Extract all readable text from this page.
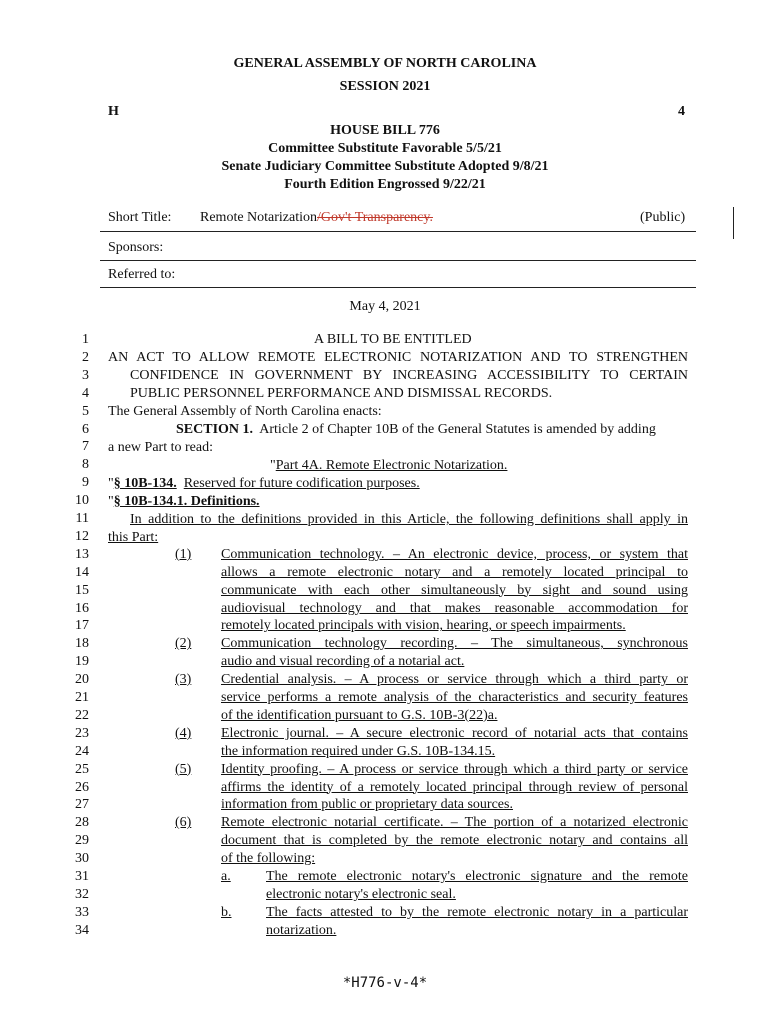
GENERAL ASSEMBLY OF NORTH CAROLINA
SESSION 2021
H	4
HOUSE BILL 776
Committee Substitute Favorable 5/5/21
Senate Judiciary Committee Substitute Adopted 9/8/21
Fourth Edition Engrossed 9/22/21
Short Title: Remote Notarization/Gov't Transparency.	(Public)
Sponsors:
Referred to:
May 4, 2021
1
2
3
4
5
6
7
8
9
10
11
12
13
14
15
16
17
18
19
20
21
22
23
24
25
26
27
28
29
30
31
32
33
34
A BILL TO BE ENTITLED
AN ACT TO ALLOW REMOTE ELECTRONIC NOTARIZATION AND TO STRENGTHEN
CONFIDENCE IN GOVERNMENT BY INCREASING ACCESSIBILITY TO CERTAIN
PUBLIC PERSONNEL PERFORMANCE AND DISMISSAL RECORDS.
The General Assembly of North Carolina enacts:
SECTION 1. Article 2 of Chapter 10B of the General Statutes is amended by adding
a new Part to read:
"Part 4A. Remote Electronic Notarization.
"§ 10B-134. Reserved for future codification purposes.
"§ 10B-134.1. Definitions.
In addition to the definitions provided in this Article, the following definitions shall apply in
this Part:
(1) Communication technology. – An electronic device, process, or system that
allows a remote electronic notary and a remotely located principal to
communicate with each other simultaneously by sight and sound using
audiovisual technology and that makes reasonable accommodation for
remotely located principals with vision, hearing, or speech impairments.
(2) Communication technology recording. – The simultaneous, synchronous
audio and visual recording of a notarial act.
(3) Credential analysis. – A process or service through which a third party or
service performs a remote analysis of the characteristics and security features
of the identification pursuant to G.S. 10B-3(22)a.
(4) Electronic journal. – A secure electronic record of notarial acts that contains
the information required under G.S. 10B-134.15.
(5) Identity proofing. – A process or service through which a third party or service
affirms the identity of a remotely located principal through review of personal
information from public or proprietary data sources.
(6) Remote electronic notarial certificate. – The portion of a notarized electronic
document that is completed by the remote electronic notary and contains all
of the following:
a.	The remote electronic notary's electronic signature and the remote
electronic notary's electronic seal.
b. The facts attested to by the remote electronic notary in a particular
notarization.
*H776-v-4*
